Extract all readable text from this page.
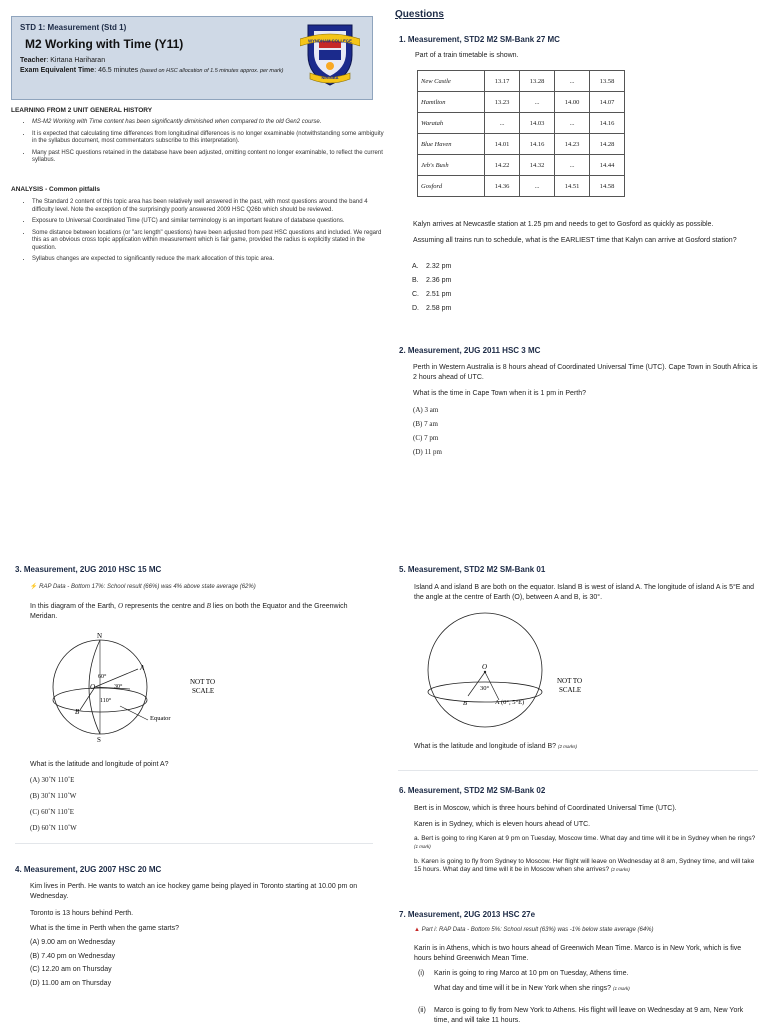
STD 1: Measurement (Std 1)
M2 Working with Time (Y11)
Teacher: Kirtana Hariharan
Exam Equivalent Time: 46.5 minutes (based on HSC allocation of 1.5 minutes approx. per mark)
WYNDHAM COLLEGE
NIRIMBA
LEARNING FROM 2 UNIT GENERAL HISTORY
• MS-M2 Working with Time content has been significantly diminished when compared to the old Gen2 course.
• It is expected that calculating time differences from longitudinal differences is no longer examinable (notwithstanding some ambiguity in the syllabus document, most commentators subscribe to this interpretation).
• Many past HSC questions retained in the database have been adjusted, omitting content no longer examinable, to reflect the current syllabus.
ANALYSIS - Common pitfalls
• The Standard 2 content of this topic area has been relatively well answered in the past, with most questions around the band 4 difficulty level. Note the exception of the surprisingly poorly answered 2009 HSC Q26b which should be reviewed.
• Exposure to Universal Coordinated Time (UTC) and similar terminology is an important feature of database questions.
• Some distance between locations (or "arc length" questions) have been adjusted from past HSC questions and included. We regard this as an obvious cross topic application within measurement which is fair game, provided the radius is explicitly stated in the question.
• Syllabus changes are expected to significantly reduce the mark allocation of this topic area.
Questions
1. Measurement, STD2 M2 SM-Bank 27 MC
Part of a train timetable is shown.
New Castle	13.17	13.28	...	13.58
Hamilton	13.23	...	14.00	14.07
Waratah	...	14.03	...	14.16
Blue Haven	14.01	14.16	14.23	14.28
Jeb's Bush	14.22	14.32	...	14.44
Gosford	14.36	...	14.51	14.58
Kalyn arrives at Newcastle station at 1.25 pm and needs to get to Gosford as quickly as possible.
Assuming all trains run to schedule, what is the EARLIEST time that Kalyn can arrive at Gosford station?
A. 2.32 pm
B. 2.36 pm
C. 2.51 pm
D. 2.58 pm
2. Measurement, 2UG 2011 HSC 3 MC
Perth in Western Australia is 8 hours ahead of Coordinated Universal Time (UTC). Cape Town in South Africa is 2 hours ahead of UTC.
What is the time in Cape Town when it is 1 pm in Perth?
(A) 3 am
(B) 7 am
(C) 7 pm
(D) 11 pm
3. Measurement, 2UG 2010 HSC 15 MC
⚡ RAP Data - Bottom 17%: School result (66%) was 4% above state average (62%)
In this diagram of the Earth, O represents the centre and B lies on both the Equator and the Greenwich Meridan.
N
S
A
O
B
60°
30°
110°
NOT TO
SCALE
Equator
What is the latitude and longitude of point A?
(A) 30˚N 110˚E
(B) 30˚N 110˚W
(C) 60˚N 110˚E
(D) 60˚N 110˚W
4. Measurement, 2UG 2007 HSC 20 MC
Kim lives in Perth. He wants to watch an ice hockey game being played in Toronto starting at 10.00 pm on Wednesday.
Toronto is 13 hours behind Perth.
What is the time in Perth when the game starts?
(A) 9.00 am on Wednesday
(B) 7.40 pm on Wednesday
(C) 12.20 am on Thursday
(D) 11.00 am on Thursday
5. Measurement, STD2 M2 SM-Bank 01
Island A and island B are both on the equator. Island B is west of island A. The longitude of island A is 5°E and the angle at the centre of Earth (O), between A and B, is 30°.
O
30°
B	A (0°, 5°E)
NOT TO
SCALE
What is the latitude and longitude of island B? (2 marks)
6. Measurement, STD2 M2 SM-Bank 02
Bert is in Moscow, which is three hours behind of Coordinated Universal Time (UTC).
Karen is in Sydney, which is eleven hours ahead of UTC.
a. Bert is going to ring Karen at 9 pm on Tuesday, Moscow time. What day and time will it be in Sydney when he rings? (1 mark)
b. Karen is going to fly from Sydney to Moscow. Her flight will leave on Wednesday at 8 am, Sydney time, and will take 15 hours. What day and time will it be in Moscow when she arrives? (2 marks)
7. Measurement, 2UG 2013 HSC 27e
▲ Part i: RAP Data - Bottom 5%: School result (63%) was -1% below state average (64%)
Karin is in Athens, which is two hours ahead of Greenwich Mean Time. Marco is in New York, which is five hours behind Greenwich Mean Time.
(i) Karin is going to ring Marco at 10 pm on Tuesday, Athens time.
What day and time will it be in New York when she rings? (1 mark)
(ii) Marco is going to fly from New York to Athens. His flight will leave on Wednesday at 9 am, New York time, and will take 11 hours.
